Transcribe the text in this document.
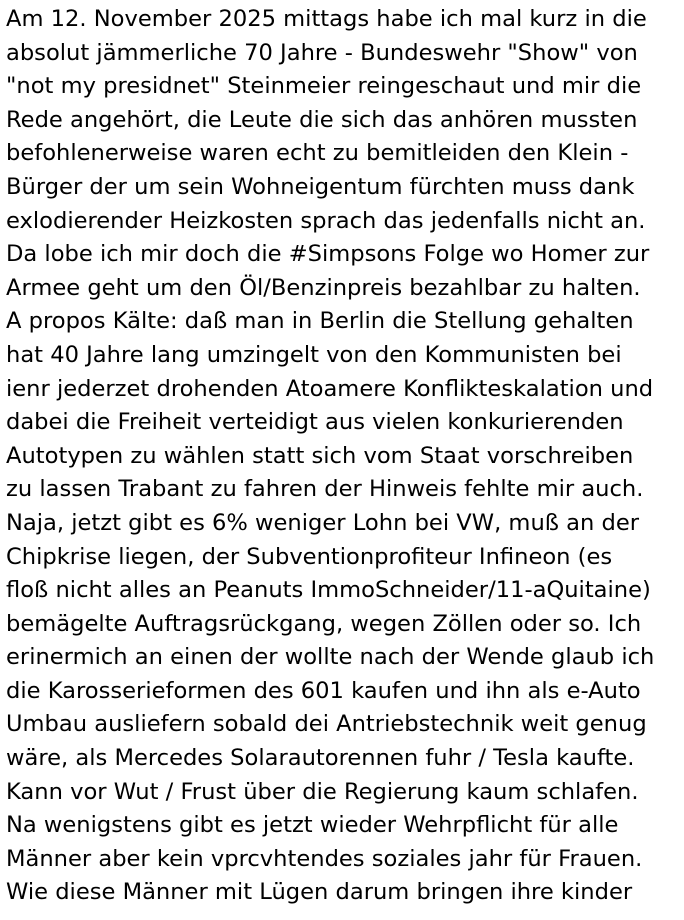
Am 12. November 2025 mittags habe ich mal kurz in die
absolut jämmerliche 70 Jahre - Bundeswehr "Show" von
"not my presidnet" Steinmeier reingeschaut und mir die
Rede angehört, die Leute die sich das anhören mussten
befohlenerweise waren echt zu bemitleiden den Klein -
Bürger der um sein Wohneigentum fürchten muss dank
exlodierender Heizkosten sprach das jedenfalls nicht an.
Da lobe ich mir doch die #Simpsons Folge wo Homer zur
Armee geht um den Öl/Benzinpreis bezahlbar zu halten.
A propos Kälte: daß man in Berlin die Stellung gehalten
hat 40 Jahre lang umzingelt von den Kommunisten bei
ienr jederzet drohenden Atoamere Konflikteskalation und
dabei die Freiheit verteidigt aus vielen konkurierenden
Autotypen zu wählen statt sich vom Staat vorschreiben
zu lassen Trabant zu fahren der Hinweis fehlte mir auch.
Naja, jetzt gibt es 6% weniger Lohn bei VW, muß an der
Chipkrise liegen, der Subventionprofiteur Infineon (es
floß nicht alles an Peanuts ImmoSchneider/11-aQuitaine)
bemägelte Auftragsrückgang, wegen Zöllen oder so. Ich
erinermich an einen der wollte nach der Wende glaub ich
die Karosserieformen des 601 kaufen und ihn als e-Auto
Umbau ausliefern sobald dei Antriebstechnik weit genug
wäre, als Mercedes Solarautorennen fuhr / Tesla kaufte.
Kann vor Wut / Frust über die Regierung kaum schlafen.
Na wenigstens gibt es jetzt wieder Wehrpflicht für alle
Männer aber kein vprcvhtendes soziales jahr für Frauen.
Wie diese Männer mit Lügen darum bringen ihre kinder
